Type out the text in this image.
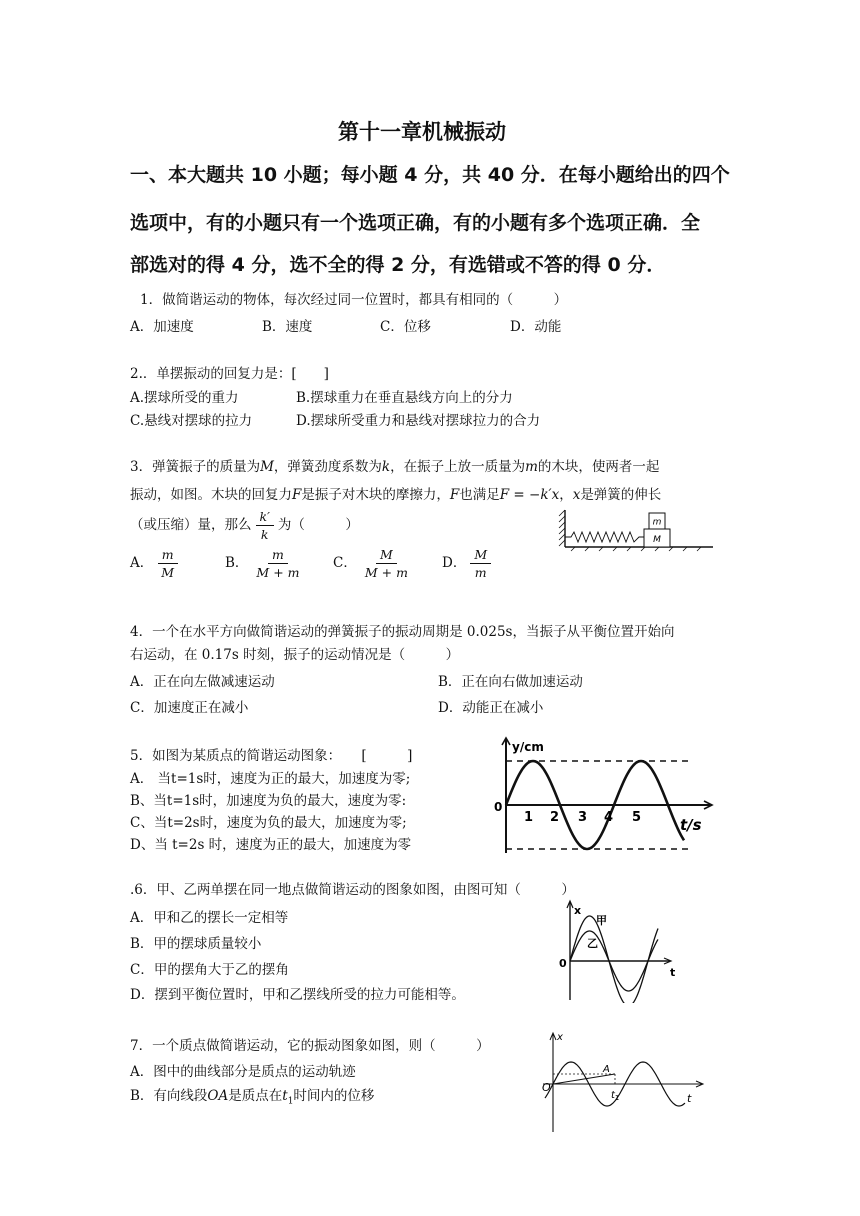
第十一章机械振动
一、本大题共 10 小题；每小题 4 分，共 40 分．在每小题给出的四个
选项中，有的小题只有一个选项正确，有的小题有多个选项正确．全
部选对的得 4 分，选不全的得 2 分，有选错或不答的得 0 分．
1．做简谐运动的物体，每次经过同一位置时，都具有相同的（　　　）
A．加速度	B．速度	C．位移	D．动能
2.．单摆振动的回复力是：[　　]
A.摆球所受的重力	B.摆球重力在垂直悬线方向上的分力
C.悬线对摆球的拉力	D.摆球所受重力和悬线对摆球拉力的合力
3．弹簧振子的质量为M，弹簧劲度系数为k，在振子上放一质量为m的木块，使两者一起
振动，如图。木块的回复力F是振子对木块的摩擦力，F也满足F = −k′x，x是弹簧的伸长
（或压缩）量，那么 $\frac{k'}{k}$ 为（　　　）
A． $\frac{m}{M}$	B． $\frac{m}{M + m}$ C． $\frac{M}{M + m}$ D． $\frac{M}{m}$
m
M
4．一个在水平方向做简谐运动的弹簧振子的振动周期是 0.025s，当振子从平衡位置开始向
右运动，在 0.17s 时刻，振子的运动情况是（　　　）
A．正在向左做减速运动	B．正在向右做加速运动
C．加速度正在减小	D．动能正在减小
5．如图为某质点的简谐运动图象：　　[　　　]
A． 当t=1s时，速度为正的最大，加速度为零;
B、当t=1s时，加速度为负的最大，速度为零:
C、当t=2s时，速度为负的最大，加速度为零;
D、当 t=2s 时，速度为正的最大，加速度为零
y/cm
t/s
0
1 2 3 4 5
.6．甲、乙两单摆在同一地点做简谐运动的图象如图，由图可知（　　　）
A．甲和乙的摆长一定相等
B．甲的摆球质量较小
C．甲的摆角大于乙的摆角
D．摆到平衡位置时，甲和乙摆线所受的拉力可能相等。
x
t
0
甲
乙
7．一个质点做简谐运动，它的振动图象如图，则（　　　）
A．图中的曲线部分是质点的运动轨迹
B．有向线段OA是质点在$t_1$时间内的位移
x
t
O
A
$t_1$
